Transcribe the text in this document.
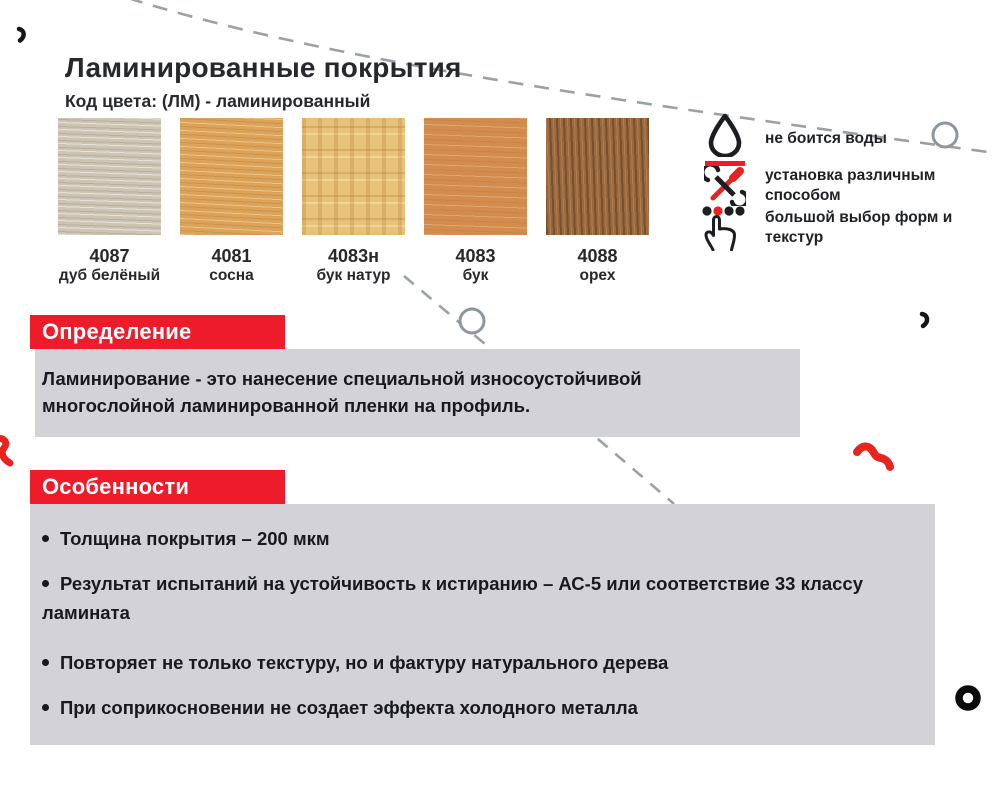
Ламинированные покрытия
Код цвета: (ЛМ) - ламинированный
4087
дуб белёный
4081
сосна
4083н
бук натур
4083
бук
4088
орех
не боится воды
установка различным способом
большой выбор форм и текстур
Определение
Ламинирование - это нанесение специальной износоустойчивой многослойной ламинированной пленки на профиль.
Особенности
Толщина покрытия – 200 мкм
Результат испытаний на устойчивость к истиранию – АС-5 или соответствие 33 классу ламината
Повторяет не только текстуру, но и фактуру натурального дерева
При соприкосновении не создает эффекта холодного металла
